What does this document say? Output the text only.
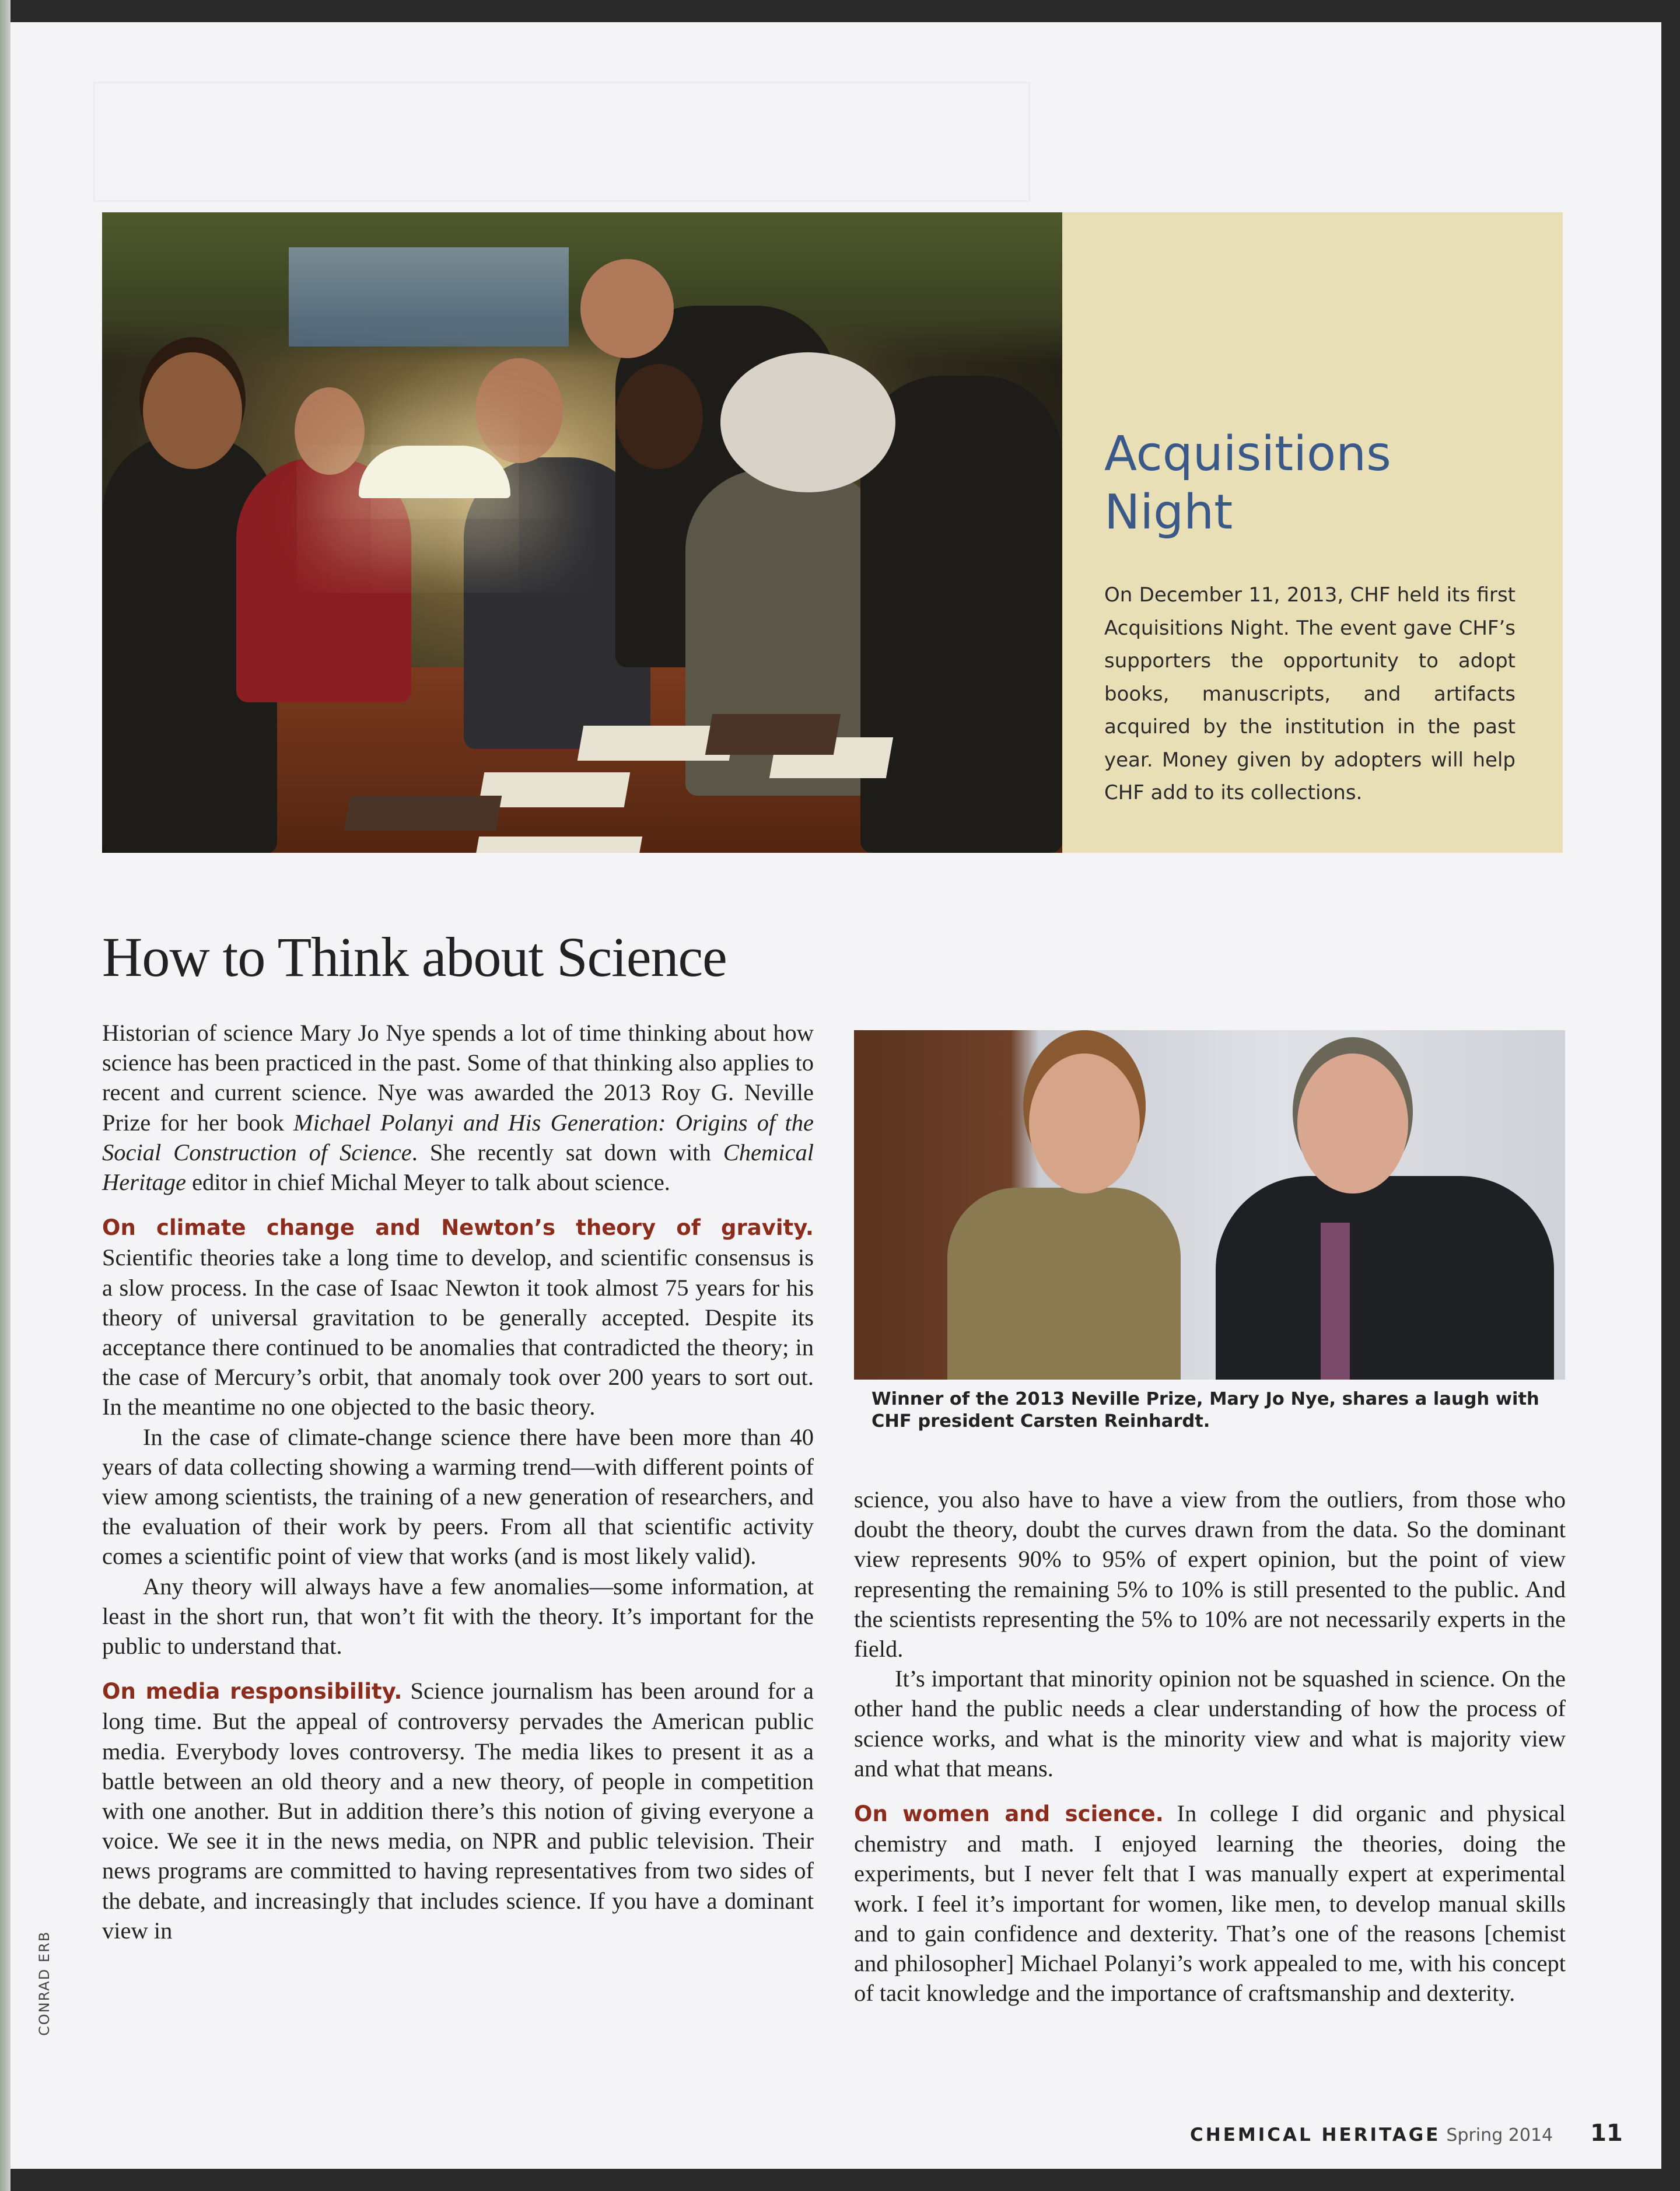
Acquisitions Night
On December 11, 2013, CHF held its first Acquisitions Night. The event gave CHF’s supporters the opportunity to adopt books, manuscripts, and artifacts acquired by the institution in the past year. Money given by adopters will help CHF add to its collections.
How to Think about Science

Historian of science Mary Jo Nye spends a lot of time thinking about how science has been practiced in the past. Some of that thinking also applies to recent and current science. Nye was awarded the 2013 Roy G. Neville Prize for her book Michael Polanyi and His Generation: Origins of the Social Construction of Science. She recently sat down with Chemical Heritage editor in chief Michal Meyer to talk about science.

On climate change and Newton’s theory of gravity. Scientific theories take a long time to develop, and scientific consensus is a slow process. In the case of Isaac Newton it took almost 75 years for his theory of universal gravitation to be generally accepted. Despite its acceptance there continued to be anomalies that contradicted the theory; in the case of Mercury’s orbit, that anomaly took over 200 years to sort out. In the meantime no one objected to the basic theory.

In the case of climate-change science there have been more than 40 years of data collecting showing a warming trend—with different points of view among scientists, the training of a new generation of researchers, and the evaluation of their work by peers. From all that scientific activity comes a scientific point of view that works (and is most likely valid).

Any theory will always have a few anomalies—some information, at least in the short run, that won’t fit with the theory. It’s important for the public to understand that.

On media responsibility. Science journalism has been around for a long time. But the appeal of controversy pervades the American public media. Everybody loves controversy. The media likes to present it as a battle between an old theory and a new theory, of people in competition with one another. But in addition there’s this notion of giving everyone a voice. We see it in the news media, on NPR and public television. Their news programs are committed to having representatives from two sides of the debate, and increasingly that includes science. If you have a dominant view in

Winner of the 2013 Neville Prize, Mary Jo Nye, shares a laugh with CHF president Carsten Reinhardt.

science, you also have to have a view from the outliers, from those who doubt the theory, doubt the curves drawn from the data. So the dominant view represents 90% to 95% of expert opinion, but the point of view representing the remaining 5% to 10% is still presented to the public. And the scientists representing the 5% to 10% are not necessarily experts in the field.

It’s important that minority opinion not be squashed in science. On the other hand the public needs a clear understanding of how the process of science works, and what is the minority view and what is majority view and what that means.

On women and science. In college I did organic and physical chemistry and math. I enjoyed learning the theories, doing the experiments, but I never felt that I was manually expert at experimental work. I feel it’s important for women, like men, to develop manual skills and to gain confidence and dexterity. That’s one of the reasons [chemist and philosopher] Michael Polanyi’s work appealed to me, with his concept of tacit knowledge and the importance of craftsmanship and dexterity.

CONRAD ERB
CHEMICAL HERITAGE Spring 2014 11
